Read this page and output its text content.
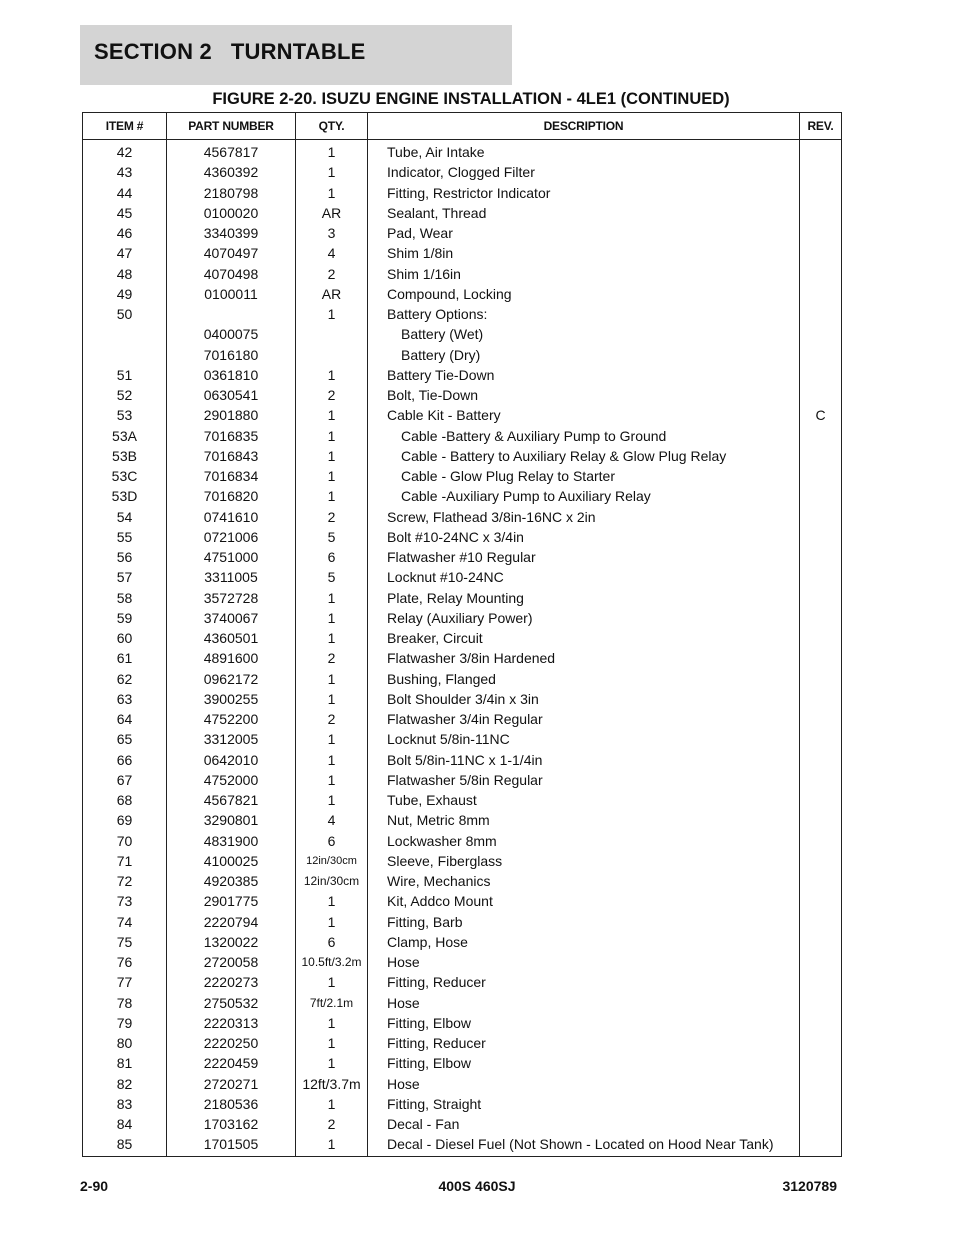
SECTION 2   TURNTABLE
FIGURE 2-20. ISUZU ENGINE INSTALLATION - 4LE1 (CONTINUED)
ITEM #	PART NUMBER	QTY.	DESCRIPTION	REV.
42	4567817	1	Tube, Air Intake	
43	4360392	1	Indicator, Clogged Filter	
44	2180798	1	Fitting, Restrictor Indicator	
45	0100020	AR	Sealant, Thread	
46	3340399	3	Pad, Wear	
47	4070497	4	Shim 1/8in	
48	4070498	2	Shim 1/16in	
49	0100011	AR	Compound, Locking	
50		1	Battery Options:	
	0400075		Battery (Wet)	
	7016180		Battery (Dry)	
51	0361810	1	Battery Tie-Down	
52	0630541	2	Bolt, Tie-Down	
53	2901880	1	Cable Kit - Battery	C
53A	7016835	1	Cable -Battery & Auxiliary Pump to Ground	
53B	7016843	1	Cable - Battery to Auxiliary Relay & Glow Plug Relay	
53C	7016834	1	Cable - Glow Plug Relay to Starter	
53D	7016820	1	Cable -Auxiliary Pump to Auxiliary Relay	
54	0741610	2	Screw, Flathead 3/8in-16NC x 2in	
55	0721006	5	Bolt #10-24NC x 3/4in	
56	4751000	6	Flatwasher #10 Regular	
57	3311005	5	Locknut #10-24NC	
58	3572728	1	Plate, Relay Mounting	
59	3740067	1	Relay (Auxiliary Power)	
60	4360501	1	Breaker, Circuit	
61	4891600	2	Flatwasher 3/8in Hardened	
62	0962172	1	Bushing, Flanged	
63	3900255	1	Bolt Shoulder 3/4in x 3in	
64	4752200	2	Flatwasher 3/4in Regular	
65	3312005	1	Locknut 5/8in-11NC	
66	0642010	1	Bolt 5/8in-11NC x 1-1/4in	
67	4752000	1	Flatwasher 5/8in Regular	
68	4567821	1	Tube, Exhaust	
69	3290801	4	Nut, Metric 8mm	
70	4831900	6	Lockwasher 8mm	
71	4100025	12in/30cm	Sleeve, Fiberglass	
72	4920385	12in/30cm	Wire, Mechanics	
73	2901775	1	Kit, Addco Mount	
74	2220794	1	Fitting, Barb	
75	1320022	6	Clamp, Hose	
76	2720058	10.5ft/3.2m	Hose	
77	2220273	1	Fitting, Reducer	
78	2750532	7ft/2.1m	Hose	
79	2220313	1	Fitting, Elbow	
80	2220250	1	Fitting, Reducer	
81	2220459	1	Fitting, Elbow	
82	2720271	12ft/3.7m	Hose	
83	2180536	1	Fitting, Straight	
84	1703162	2	Decal - Fan	
85	1701505	1	Decal - Diesel Fuel (Not Shown - Located on Hood Near Tank)	
2-90	400S 460SJ	3120789
